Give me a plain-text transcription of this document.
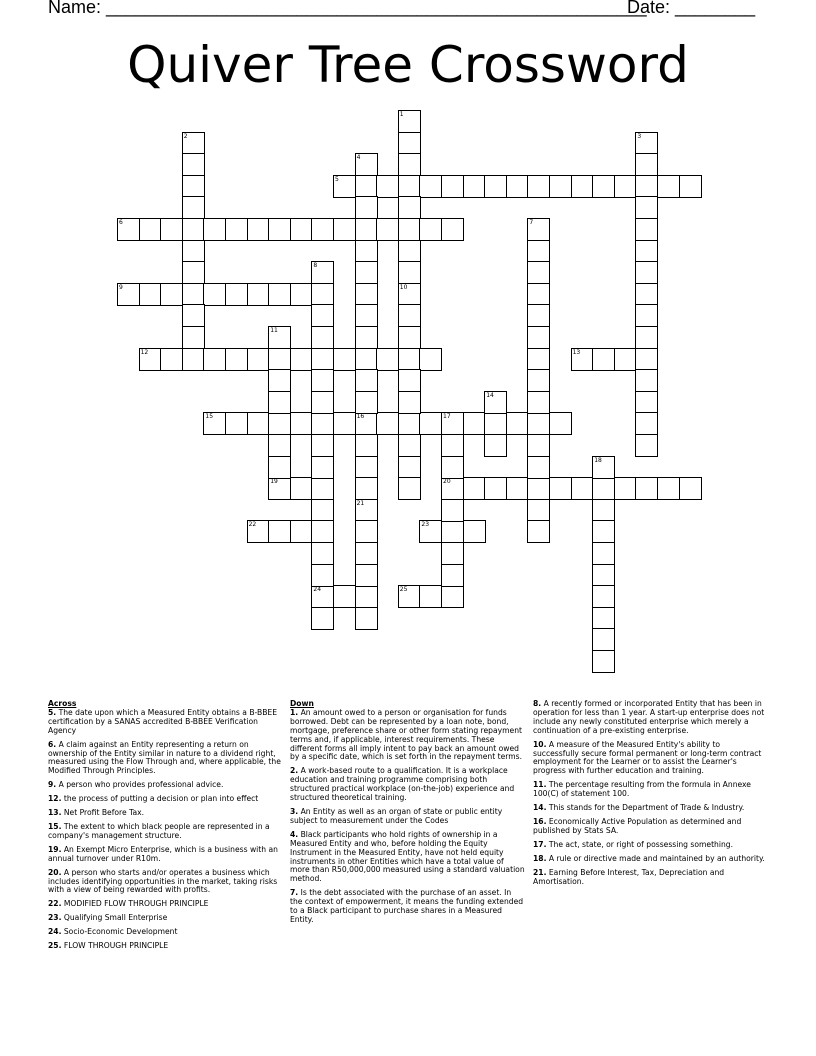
Name: ______________________________________________________
Date: ________
Quiver Tree Crossword
5
6
9
12	13
15	16	17
19	20
22	23
24	25
1
10
2	3
4
7
8
11
14
21
18
Across
5. The date upon which a Measured Entity obtains a B-BBEE certification by a SANAS accredited B-BBEE Verification Agency
6. A claim against an Entity representing a return on ownership of the Entity similar in nature to a dividend right, measured using the Flow Through and, where applicable, the Modified Through Principles.
9. A person who provides professional advice.
12. the process of putting a decision or plan into effect
13. Net Profit Before Tax.
15. The extent to which black people are represented in a company's management structure.
19. An Exempt Micro Enterprise, which is a business with an annual turnover under R10m.
20. A person who starts and/or operates a business which includes identifying opportunities in the market, taking risks with a view of being rewarded with profits.
22. MODIFIED FLOW THROUGH PRINCIPLE
23. Qualifying Small Enterprise
24. Socio-Economic Development
25. FLOW THROUGH PRINCIPLE
Down
1. An amount owed to a person or organisation for funds borrowed. Debt can be represented by a loan note, bond, mortgage, preference share or other form stating repayment terms and, if applicable, interest requirements. These different forms all imply intent to pay back an amount owed by a specific date, which is set forth in the repayment terms.
2. A work-based route to a qualification. It is a workplace education and training programme comprising both structured practical workplace (on-the-job) experience and structured theoretical training.
3. An Entity as well as an organ of state or public entity subject to measurement under the Codes
4. Black participants who hold rights of ownership in a Measured Entity and who, before holding the Equity Instrument in the Measured Entity, have not held equity instruments in other Entities which have a total value of more than R50,000,000 measured using a standard valuation method.
7. Is the debt associated with the purchase of an asset. In the context of empowerment, it means the funding extended to a Black participant to purchase shares in a Measured Entity.
8. A recently formed or incorporated Entity that has been in operation for less than 1 year. A start-up enterprise does not include any newly constituted enterprise which merely a continuation of a pre-existing enterprise.
10. A measure of the Measured Entity's ability to successfully secure formal permanent or long-term contract employment for the Learner or to assist the Learner's progress with further education and training.
11. The percentage resulting from the formula in Annexe 100(C) of statement 100.
14. This stands for the Department of Trade & Industry.
16. Economically Active Population as determined and published by Stats SA.
17. The act, state, or right of possessing something.
18. A rule or directive made and maintained by an authority.
21. Earning Before Interest, Tax, Depreciation and Amortisation.
